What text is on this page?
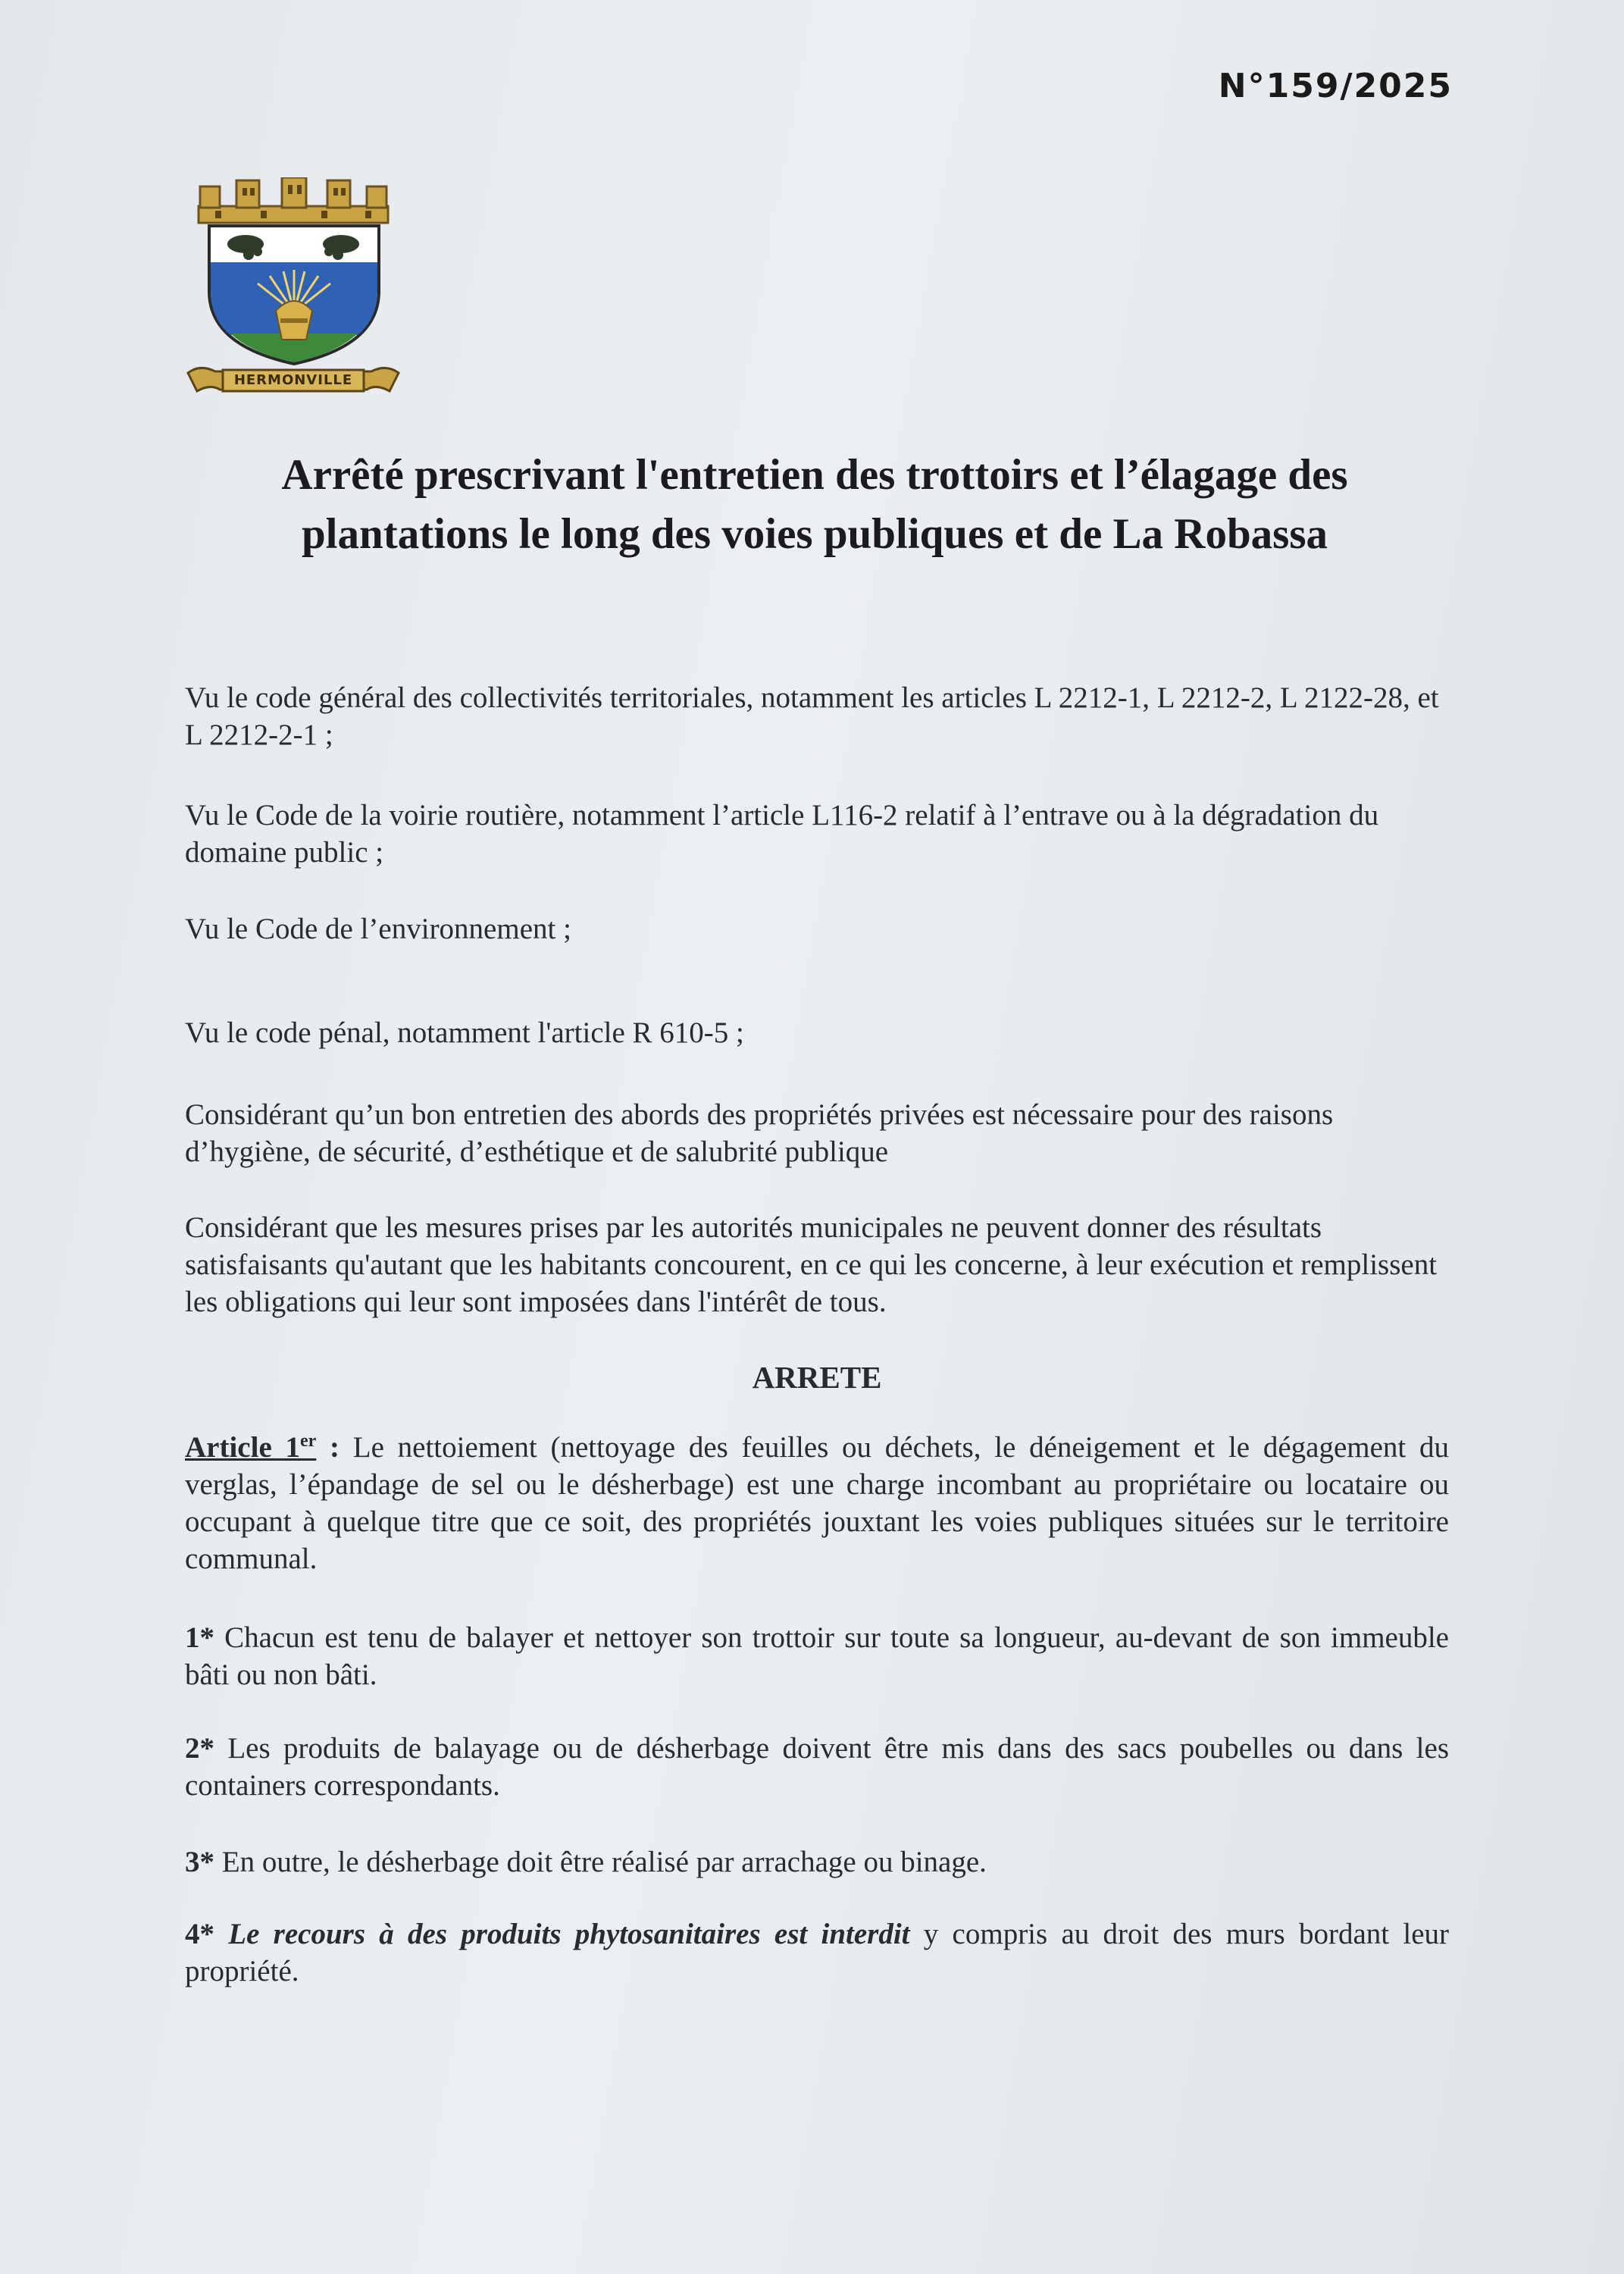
N°159/2025
HERMONVILLE
Arrêté prescrivant l'entretien des trottoirs et l’élagage des
plantations le long des voies publiques et de La Robassa

Vu le code général des collectivités territoriales, notamment les articles L 2212-1, L 2212-2, L 2122-28, et L 2212-2-1 ;

Vu le Code de la voirie routière, notamment l’article L116-2 relatif à l’entrave ou à la dégradation du domaine public ;

Vu le Code de l’environnement ;

Vu le code pénal, notamment l'article R 610-5 ;

Considérant qu’un bon entretien des abords des propriétés privées est nécessaire pour des raisons d’hygiène, de sécurité, d’esthétique et de salubrité publique

Considérant que les mesures prises par les autorités municipales ne peuvent donner des résultats satisfaisants qu'autant que les habitants concourent, en ce qui les concerne, à leur exécution et remplissent les obligations qui leur sont imposées dans l'intérêt de tous.

ARRETE

Article 1er : Le nettoiement (nettoyage des feuilles ou déchets, le déneigement et le dégagement du verglas, l’épandage de sel ou le désherbage) est une charge incombant au propriétaire ou locataire ou occupant à quelque titre que ce soit, des propriétés jouxtant les voies publiques situées sur le territoire communal.

1* Chacun est tenu de balayer et nettoyer son trottoir sur toute sa longueur, au-devant de son immeuble bâti ou non bâti.

2* Les produits de balayage ou de désherbage doivent être mis dans des sacs poubelles ou dans les containers correspondants.

3* En outre, le désherbage doit être réalisé par arrachage ou binage.

4* Le recours à des produits phytosanitaires est interdit y compris au droit des murs bordant leur propriété.
